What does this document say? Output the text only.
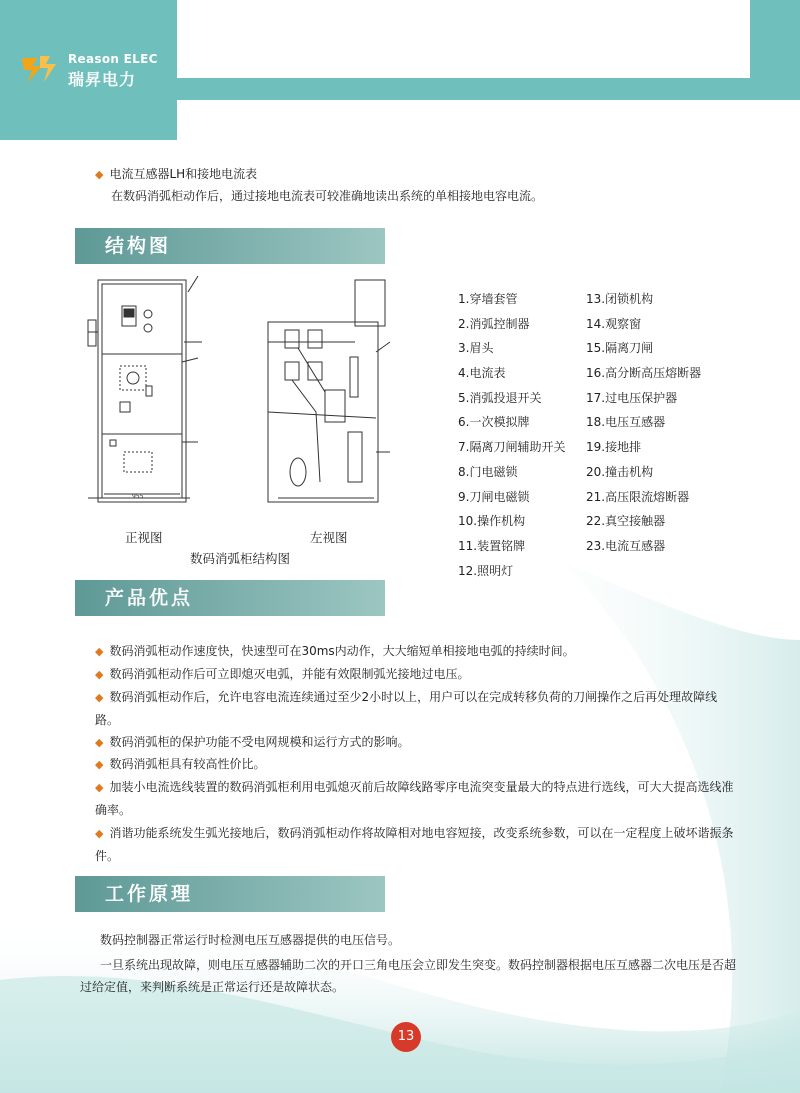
Reason ELEC
瑞昇电力
◆ 电流互感器LH和接地电流表
在数码消弧柜动作后，通过接地电流表可较准确地读出系统的单相接地电容电流。
结构图
955
正视图	左视图
数码消弧柜结构图
1.穿墙套管
2.消弧控制器
3.眉头
4.电流表
5.消弧投退开关
6.一次模拟牌
7.隔离刀闸辅助开关
8.门电磁锁
9.刀闸电磁锁
10.操作机构
11.装置铭牌
12.照明灯
13.闭锁机构
14.观察窗
15.隔离刀闸
16.高分断高压熔断器
17.过电压保护器
18.电压互感器
19.接地排
20.撞击机构
21.高压限流熔断器
22.真空接触器
23.电流互感器
产品优点
◆ 数码消弧柜动作速度快，快速型可在30ms内动作，大大缩短单相接地电弧的持续时间。
◆ 数码消弧柜动作后可立即熄灭电弧，并能有效限制弧光接地过电压。
◆ 数码消弧柜动作后，允许电容电流连续通过至少2小时以上，用户可以在完成转移负荷的刀闸操作之后再处理故障线路。
◆ 数码消弧柜的保护功能不受电网规模和运行方式的影响。
◆ 数码消弧柜具有较高性价比。
◆ 加装小电流选线装置的数码消弧柜利用电弧熄灭前后故障线路零序电流突变量最大的特点进行选线，可大大提高选线准确率。
◆ 消谐功能系统发生弧光接地后，数码消弧柜动作将故障相对地电容短接，改变系统参数，可以在一定程度上破坏谐振条件。
工作原理
数码控制器正常运行时检测电压互感器提供的电压信号。
一旦系统出现故障，则电压互感器辅助二次的开口三角电压会立即发生突变。数码控制器根据电压互感器二次电压是否超过给定值，来判断系统是正常运行还是故障状态。
13
